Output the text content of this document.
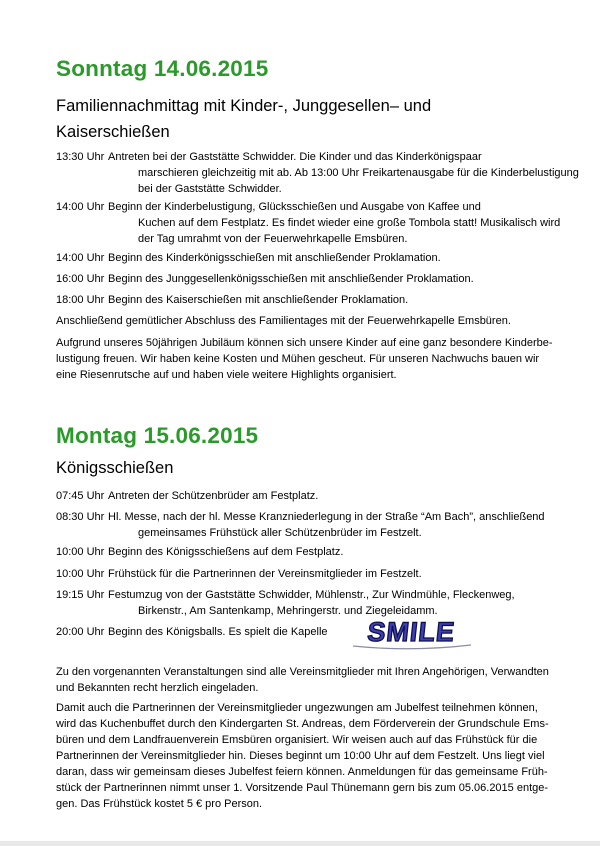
Sonntag 14.06.2015
Familiennachmittag mit Kinder-, Junggesellen– und
Kaiserschießen
13:30 Uhr Antreten bei der Gaststätte Schwidder. Die Kinder und das Kinderkönigspaar
marschieren gleichzeitig mit ab. Ab 13:00 Uhr Freikartenausgabe für die Kinderbelustigung
bei der Gaststätte Schwidder.
14:00 Uhr Beginn der Kinderbelustigung, Glücksschießen und Ausgabe von Kaffee und
Kuchen auf dem Festplatz. Es findet wieder eine große Tombola statt! Musikalisch wird
der Tag umrahmt von der Feuerwehrkapelle Emsbüren.
14:00 Uhr Beginn des Kinderkönigsschießen mit anschließender Proklamation.
16:00 Uhr Beginn des Junggesellenkönigsschießen mit anschließender Proklamation.
18:00 Uhr Beginn des Kaiserschießen mit anschließender Proklamation.
Anschließend gemütlicher Abschluss des Familientages mit der Feuerwehrkapelle Emsbüren.
Aufgrund unseres 50jährigen Jubiläum können sich unsere Kinder auf eine ganz besondere Kinderbe-
lustigung freuen. Wir haben keine Kosten und Mühen gescheut. Für unseren Nachwuchs bauen wir
eine Riesenrutsche auf und haben viele weitere Highlights organisiert.
Montag 15.06.2015
Königsschießen
07:45 Uhr Antreten der Schützenbrüder am Festplatz.
08:30 Uhr Hl. Messe, nach der hl. Messe Kranzniederlegung in der Straße “Am Bach”, anschließend
gemeinsames Frühstück aller Schützenbrüder im Festzelt.
10:00 Uhr Beginn des Königsschießens auf dem Festplatz.
10:00 Uhr Frühstück für die Partnerinnen der Vereinsmitglieder im Festzelt.
19:15 Uhr Festumzug von der Gaststätte Schwidder, Mühlenstr., Zur Windmühle, Fleckenweg,
Birkenstr., Am Santenkamp, Mehringerstr. und Ziegeleidamm.
20:00 Uhr Beginn des Königsballs. Es spielt die Kapelle SMILE
Zu den vorgenannten Veranstaltungen sind alle Vereinsmitglieder mit Ihren Angehörigen, Verwandten
und Bekannten recht herzlich eingeladen.
Damit auch die Partnerinnen der Vereinsmitglieder ungezwungen am Jubelfest teilnehmen können,
wird das Kuchenbuffet durch den Kindergarten St. Andreas, dem Förderverein der Grundschule Ems-
büren und dem Landfrauenverein Emsbüren organisiert. Wir weisen auch auf das Frühstück für die
Partnerinnen der Vereinsmitglieder hin. Dieses beginnt um 10:00 Uhr auf dem Festzelt. Uns liegt viel
daran, dass wir gemeinsam dieses Jubelfest feiern können. Anmeldungen für das gemeinsame Früh-
stück der Partnerinnen nimmt unser 1. Vorsitzende Paul Thünemann gern bis zum 05.06.2015 entge-
gen. Das Frühstück kostet 5 € pro Person.
